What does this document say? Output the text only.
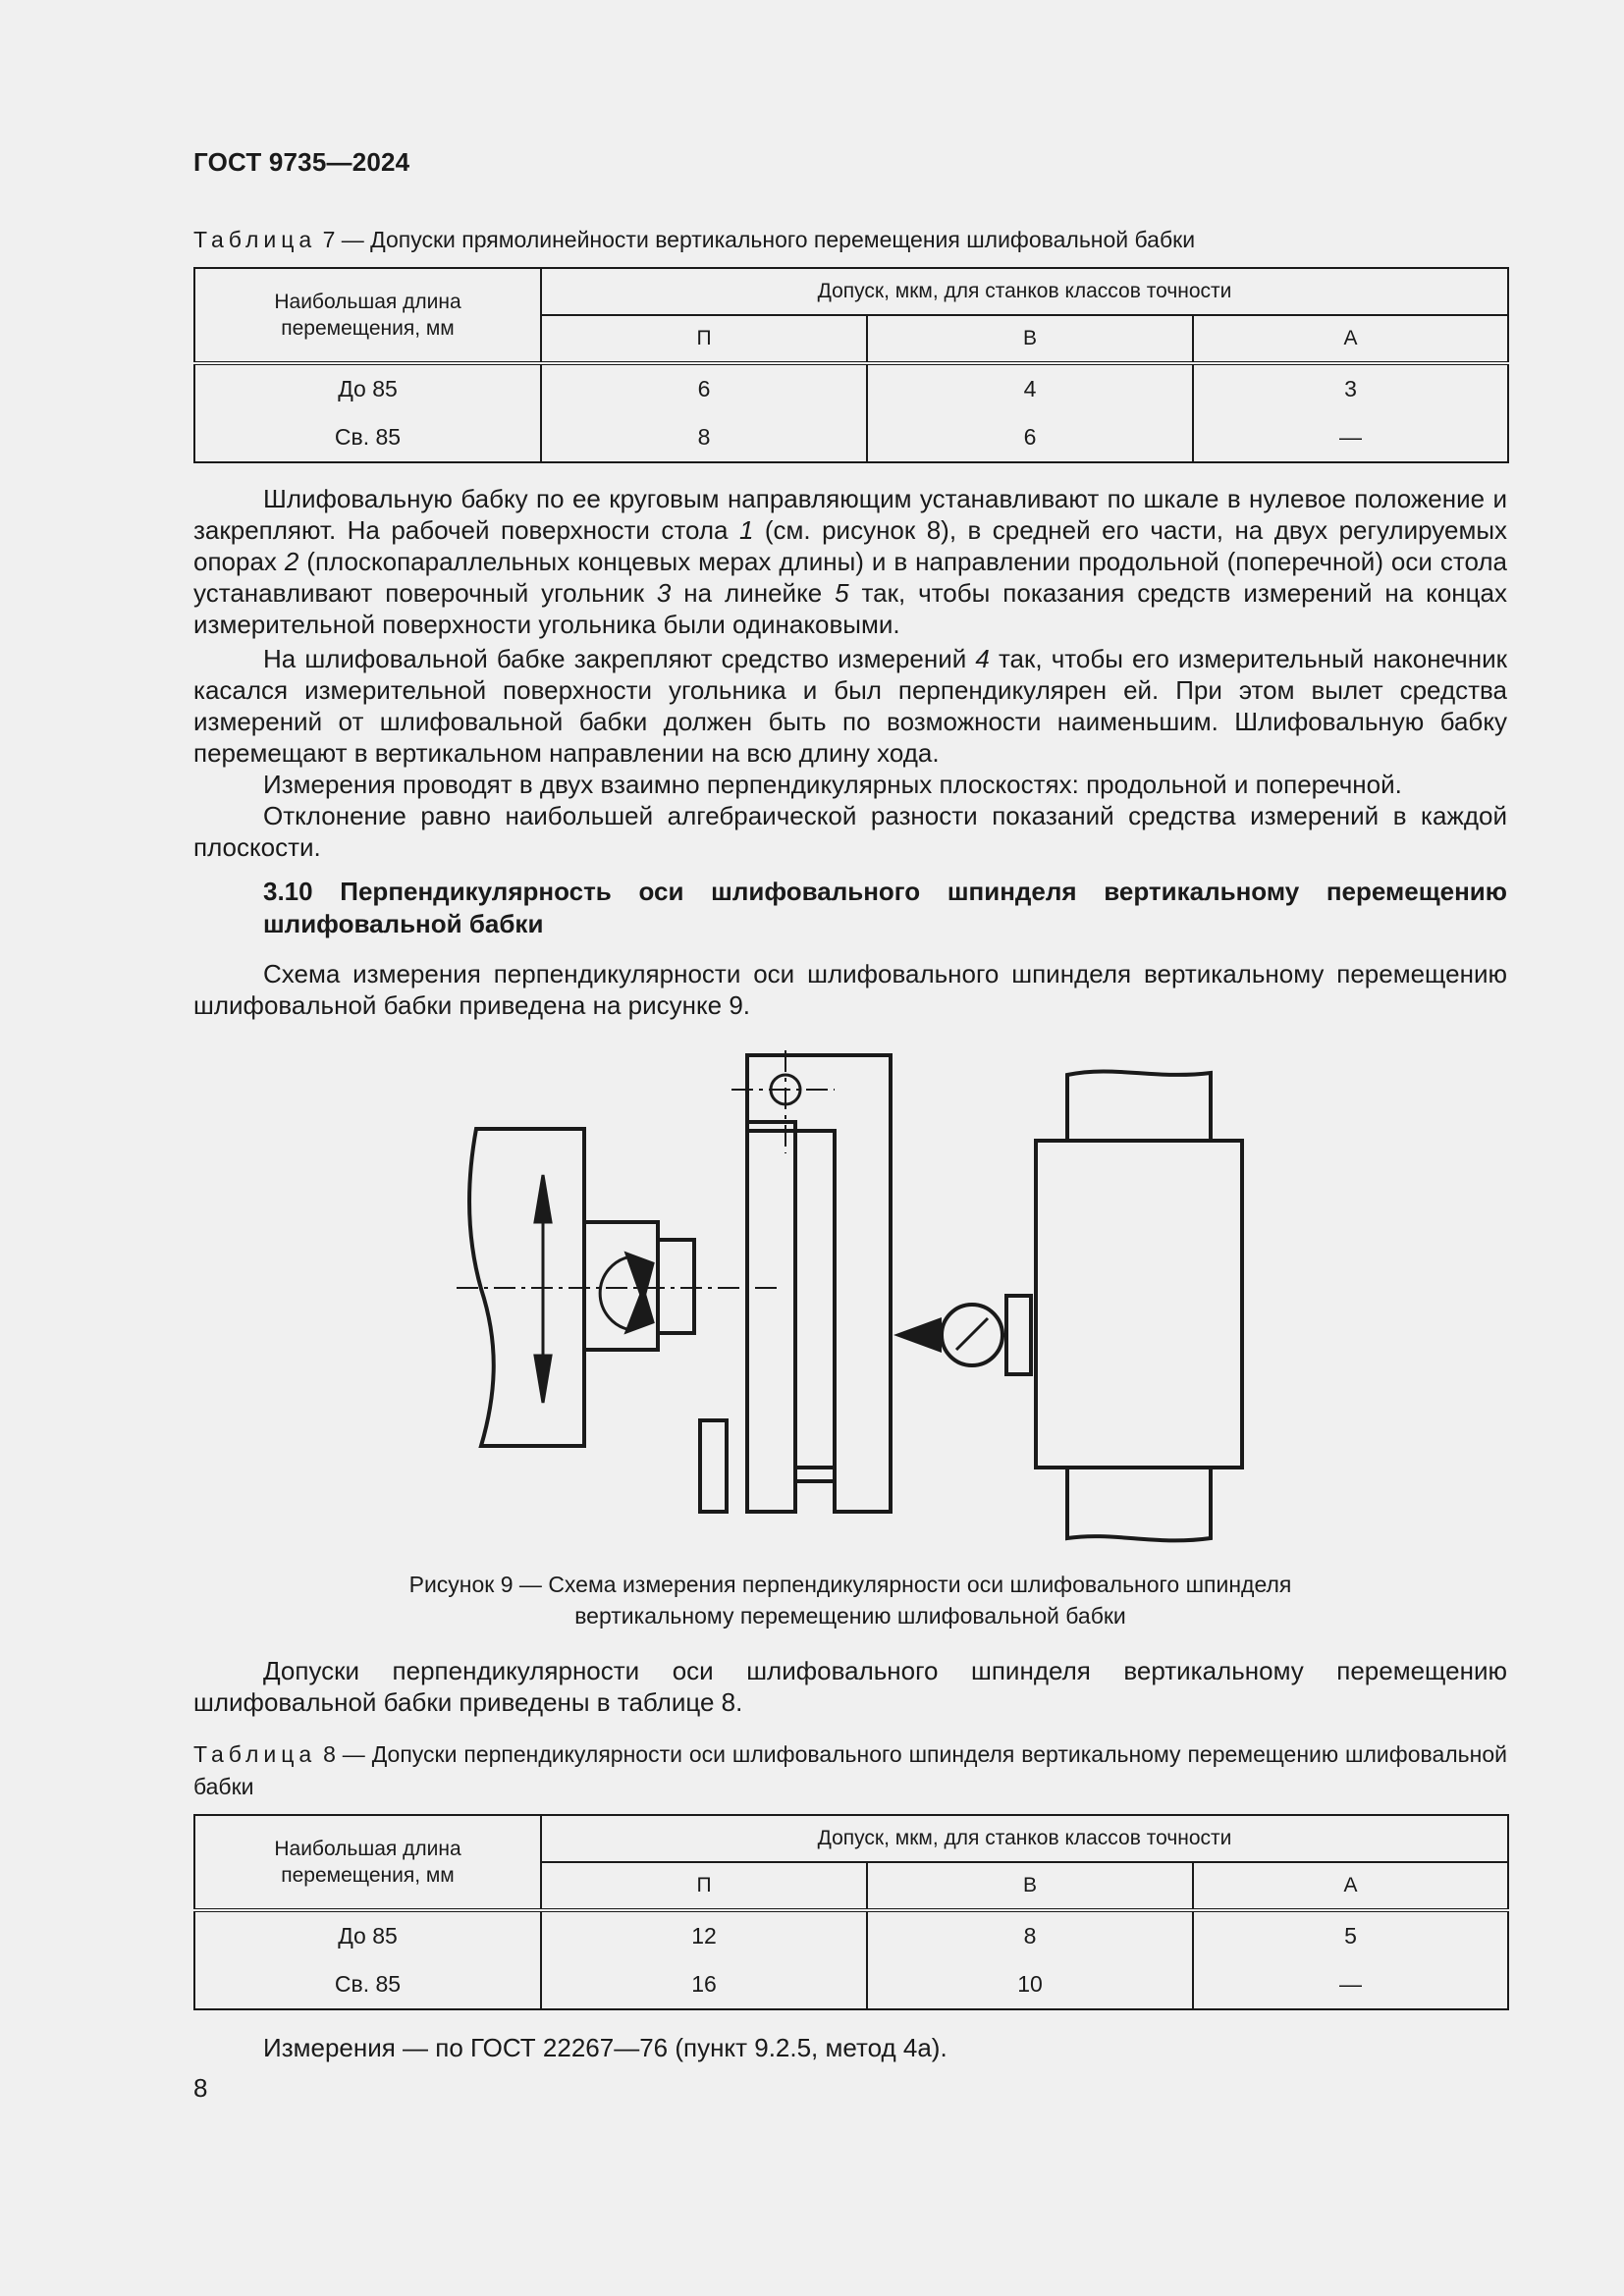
ГОСТ 9735—2024
Таблица 7 — Допуски прямолинейности вертикального перемещения шлифовальной бабки
Наибольшая длина перемещения, мм	Допуск, мкм, для станков классов точности		
	П	В	А
До 85	6	4	3
Св. 85	8	6	—

Шлифовальную бабку по ее круговым направляющим устанавливают по шкале в нулевое положение и закрепляют. На рабочей поверхности стола 1 (см. рисунок 8), в средней его части, на двух регулируемых опорах 2 (плоскопараллельных концевых мерах длины) и в направлении продольной (поперечной) оси стола устанавливают поверочный угольник 3 на линейке 5 так, чтобы показания средств измерений на концах измерительной поверхности угольника были одинаковыми.

На шлифовальной бабке закрепляют средство измерений 4 так, чтобы его измерительный наконечник касался измерительной поверхности угольника и был перпендикулярен ей. При этом вылет средства измерений от шлифовальной бабки должен быть по возможности наименьшим. Шлифовальную бабку перемещают в вертикальном направлении на всю длину хода.

Измерения проводят в двух взаимно перпендикулярных плоскостях: продольной и поперечной.

Отклонение равно наибольшей алгебраической разности показаний средства измерений в каждой плоскости.

3.10 Перпендикулярность оси шлифовального шпинделя вертикальному перемещению шлифовальной бабки

Схема измерения перпендикулярности оси шлифовального шпинделя вертикальному перемещению шлифовальной бабки приведена на рисунке 9.

Рисунок 9 — Схема измерения перпендикулярности оси шлифовального шпинделя
вертикальному перемещению шлифовальной бабки

Допуски перпендикулярности оси шлифовального шпинделя вертикальному перемещению шлифовальной бабки приведены в таблице 8.

Таблица 8 — Допуски перпендикулярности оси шлифовального шпинделя вертикальному перемещению шлифовальной бабки
Наибольшая длина перемещения, мм	Допуск, мкм, для станков классов точности		
	П	В	А
До 85	12	8	5
Св. 85	16	10	—

Измерения — по ГОСТ 22267—76 (пункт 9.2.5, метод 4а).

8
